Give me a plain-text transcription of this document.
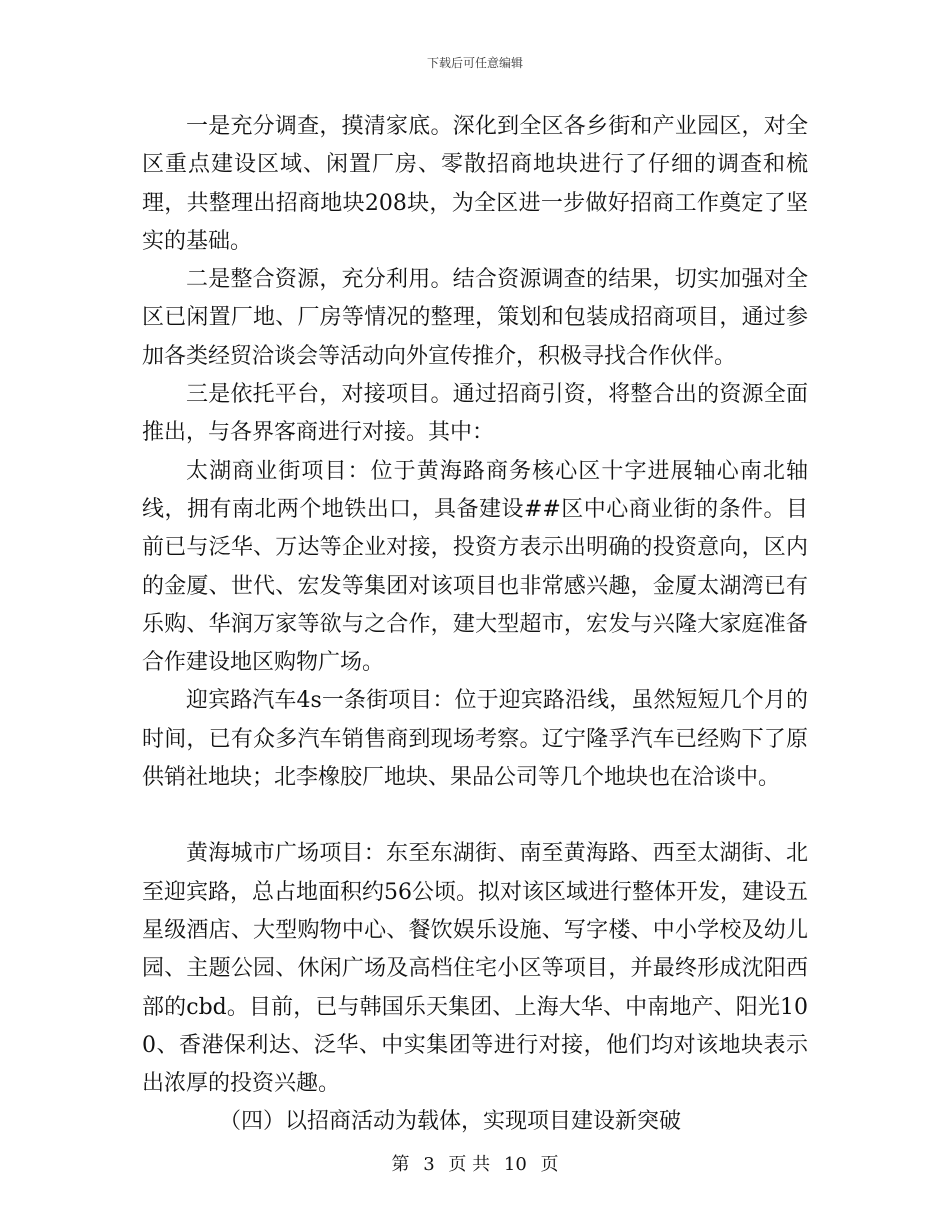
下载后可任意编辑

一是充分调查，摸清家底。深化到全区各乡街和产业园区，对全区重点建设区域、闲置厂房、零散招商地块进行了仔细的调查和梳理，共整理出招商地块208块，为全区进一步做好招商工作奠定了坚实的基础。

二是整合资源，充分利用。结合资源调查的结果，切实加强对全区已闲置厂地、厂房等情况的整理，策划和包装成招商项目，通过参加各类经贸洽谈会等活动向外宣传推介，积极寻找合作伙伴。

三是依托平台，对接项目。通过招商引资，将整合出的资源全面推出，与各界客商进行对接。其中：

太湖商业街项目：位于黄海路商务核心区十字进展轴心南北轴线，拥有南北两个地铁出口，具备建设##区中心商业街的条件。目前已与泛华、万达等企业对接，投资方表示出明确的投资意向，区内的金厦、世代、宏发等集团对该项目也非常感兴趣，金厦太湖湾已有乐购、华润万家等欲与之合作，建大型超市，宏发与兴隆大家庭准备合作建设地区购物广场。

迎宾路汽车4s一条街项目：位于迎宾路沿线，虽然短短几个月的时间，已有众多汽车销售商到现场考察。辽宁隆孚汽车已经购下了原供销社地块；北李橡胶厂地块、果品公司等几个地块也在洽谈中。

黄海城市广场项目：东至东湖街、南至黄海路、西至太湖街、北至迎宾路，总占地面积约56公顷。拟对该区域进行整体开发，建设五星级酒店、大型购物中心、餐饮娱乐设施、写字楼、中小学校及幼儿园、主题公园、休闲广场及高档住宅小区等项目，并最终形成沈阳西部的cbd。目前，已与韩国乐天集团、上海大华、中南地产、阳光100、香港保利达、泛华、中实集团等进行对接，他们均对该地块表示出浓厚的投资兴趣。

（四）以招商活动为载体，实现项目建设新突破

第 3 页 共 10 页
